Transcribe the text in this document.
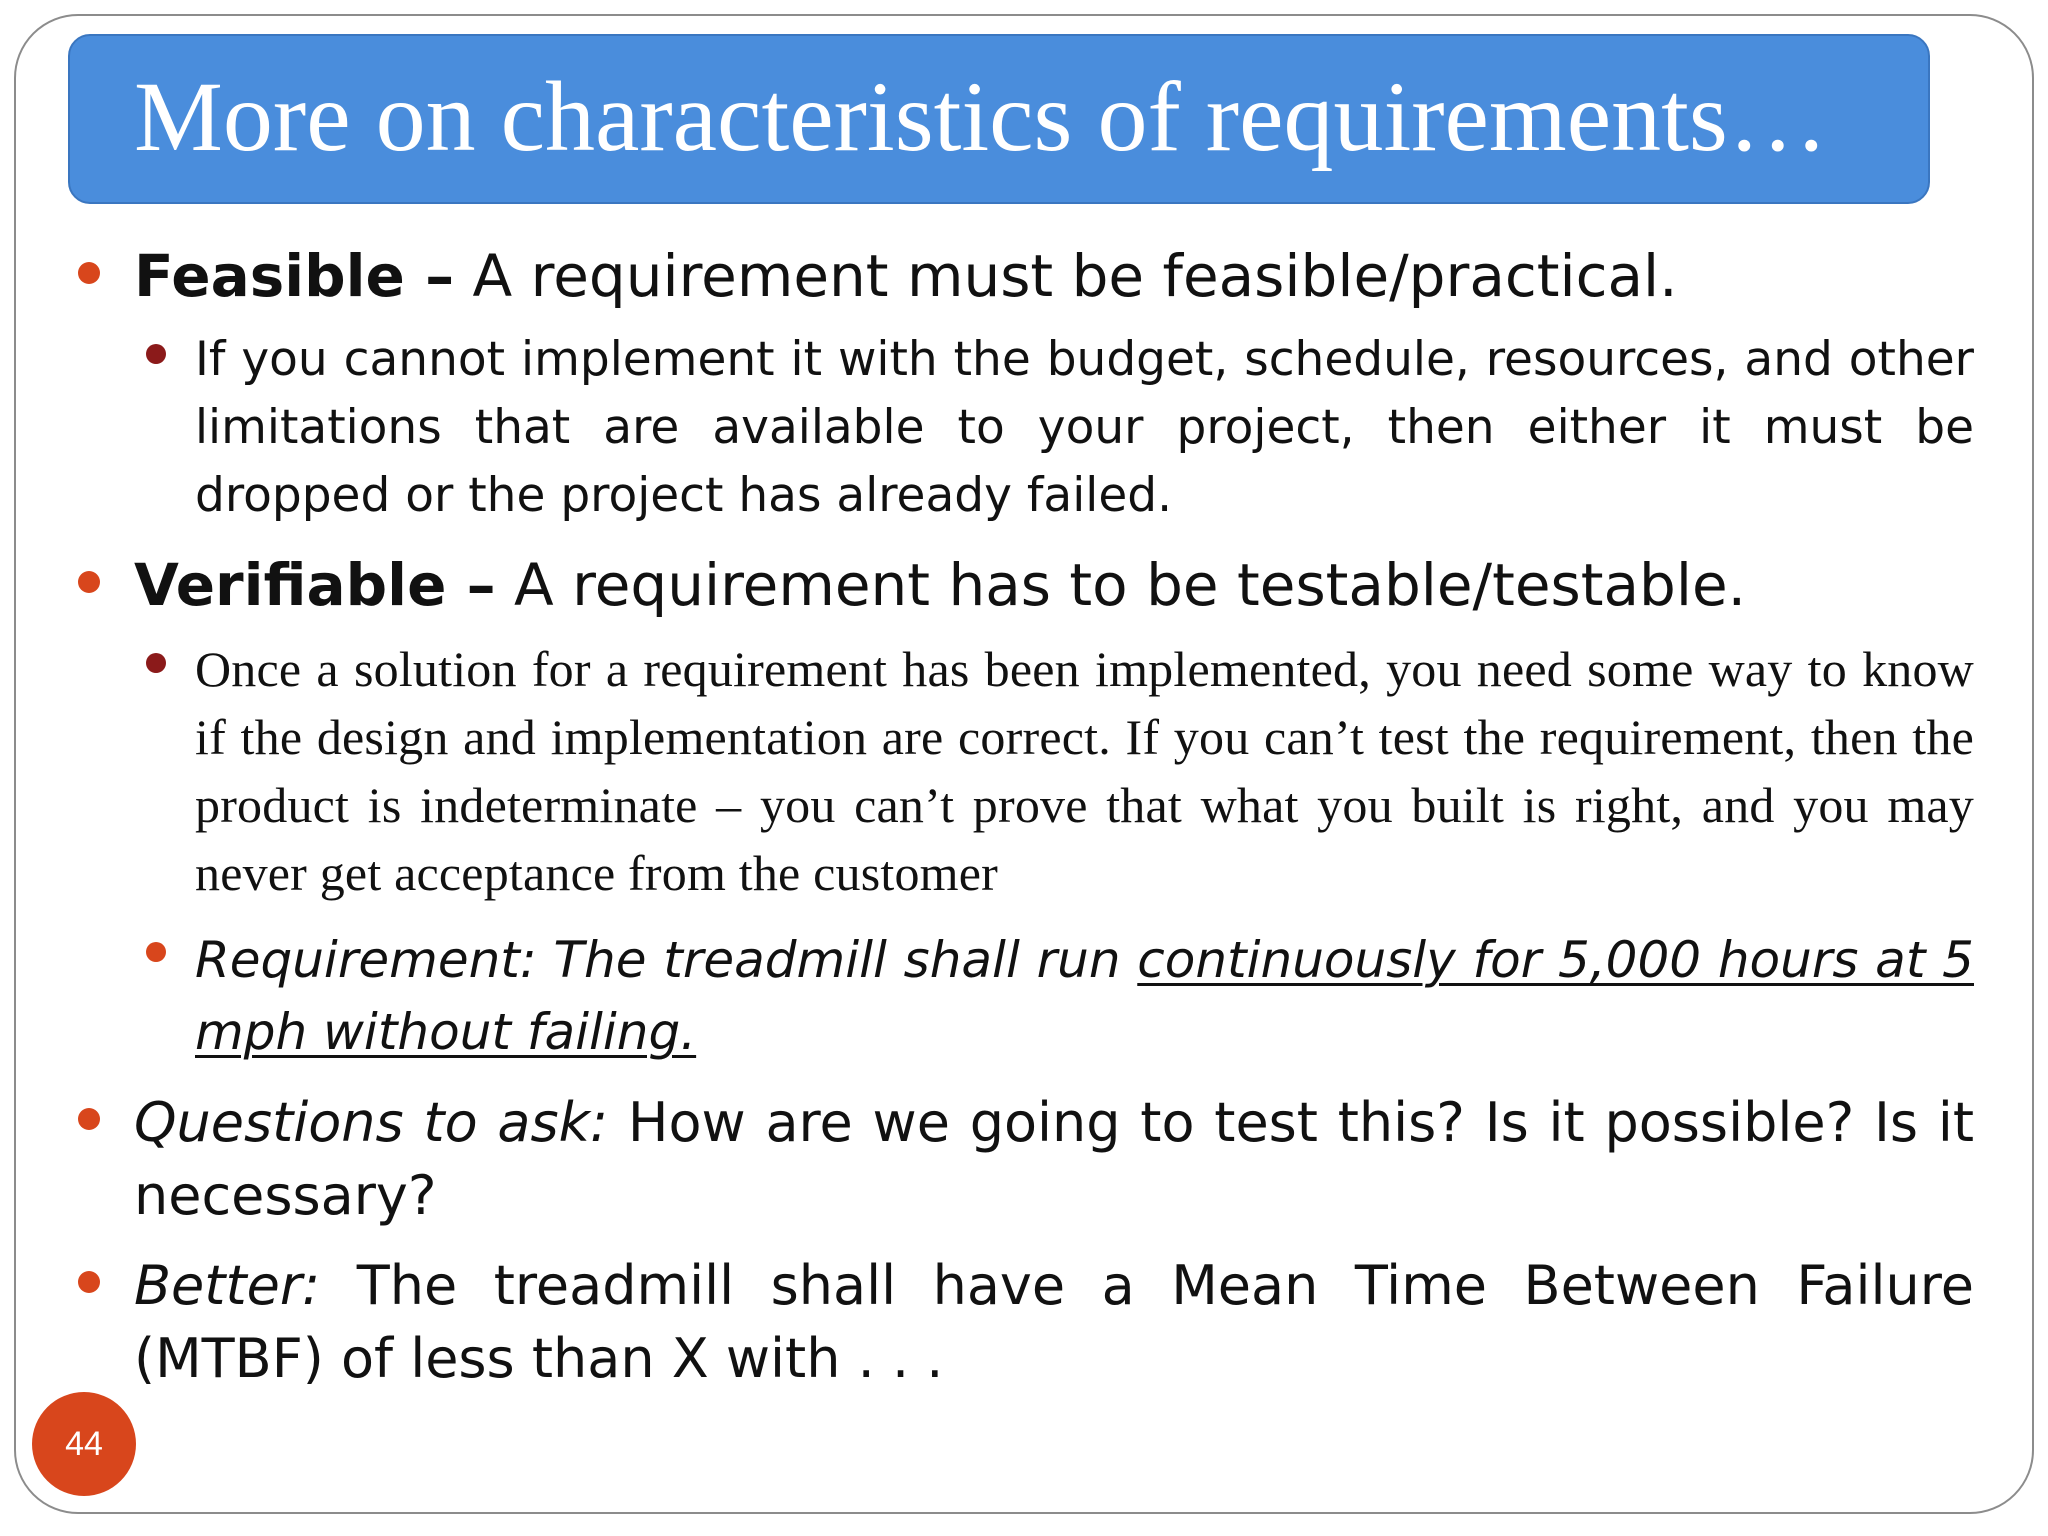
More on characteristics of requirements…
Feasible – A requirement must be feasible/practical.
If you cannot implement it with the budget, schedule, resources, and other limitations that are available to your project, then either it must be dropped or the project has already failed.
Verifiable – A requirement has to be testable/testable.
Once a solution for a requirement has been implemented, you need some way to know if the design and implementation are correct. If you can’t test the requirement, then the product is indeterminate – you can’t prove that what you built is right, and you may never get acceptance from the customer
Requirement: The treadmill shall run continuously for 5,000 hours at 5 mph without failing.
Questions to ask: How are we going to test this? Is it possible? Is it necessary?
Better: The treadmill shall have a Mean Time Between Failure (MTBF) of less than X with . . .
44
